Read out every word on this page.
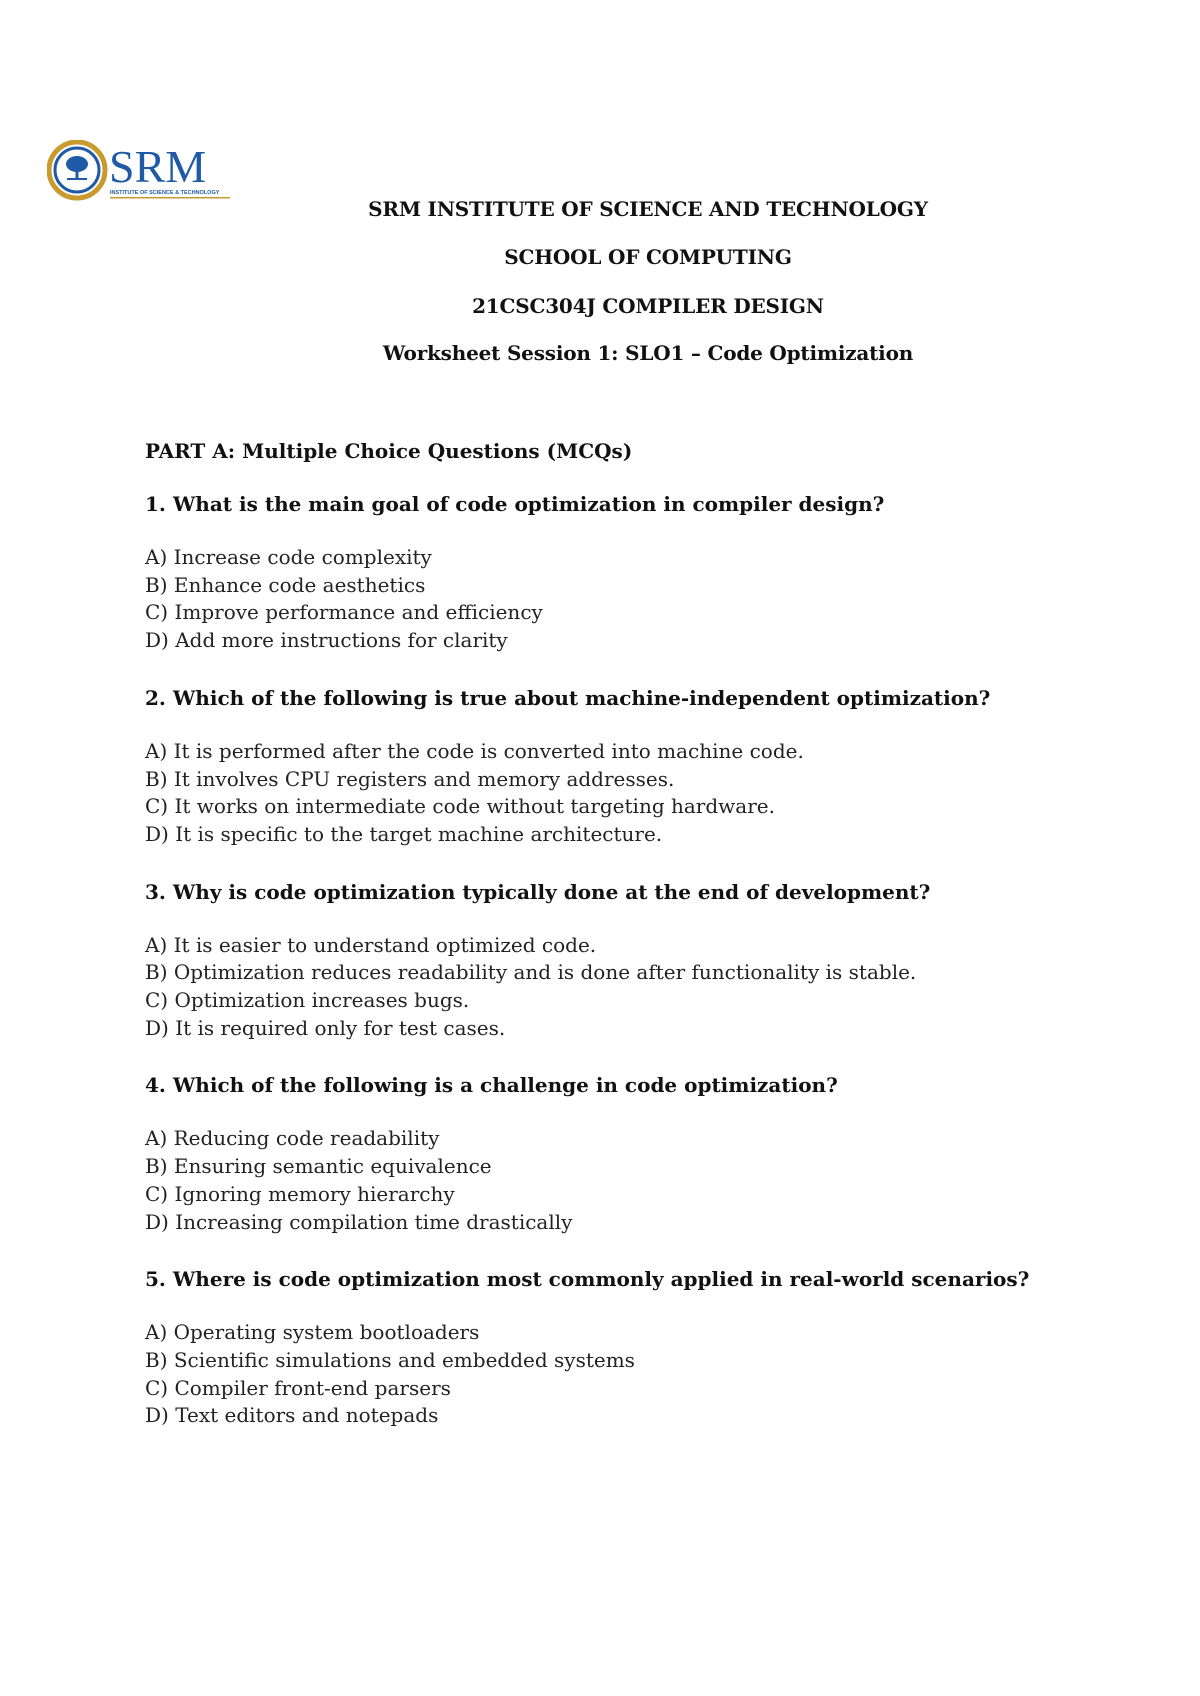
SRM
INSTITUTE OF SCIENCE & TECHNOLOGY
SRM INSTITUTE OF SCIENCE AND TECHNOLOGY
SCHOOL OF COMPUTING
21CSC304J COMPILER DESIGN
Worksheet Session 1: SLO1 – Code Optimization
PART A: Multiple Choice Questions (MCQs)
1. What is the main goal of code optimization in compiler design?
A) Increase code complexity
B) Enhance code aesthetics
C) Improve performance and efficiency
D) Add more instructions for clarity
2. Which of the following is true about machine-independent optimization?
A) It is performed after the code is converted into machine code.
B) It involves CPU registers and memory addresses.
C) It works on intermediate code without targeting hardware.
D) It is specific to the target machine architecture.
3. Why is code optimization typically done at the end of development?
A) It is easier to understand optimized code.
B) Optimization reduces readability and is done after functionality is stable.
C) Optimization increases bugs.
D) It is required only for test cases.
4. Which of the following is a challenge in code optimization?
A) Reducing code readability
B) Ensuring semantic equivalence
C) Ignoring memory hierarchy
D) Increasing compilation time drastically
5. Where is code optimization most commonly applied in real-world scenarios?
A) Operating system bootloaders
B) Scientific simulations and embedded systems
C) Compiler front-end parsers
D) Text editors and notepads
